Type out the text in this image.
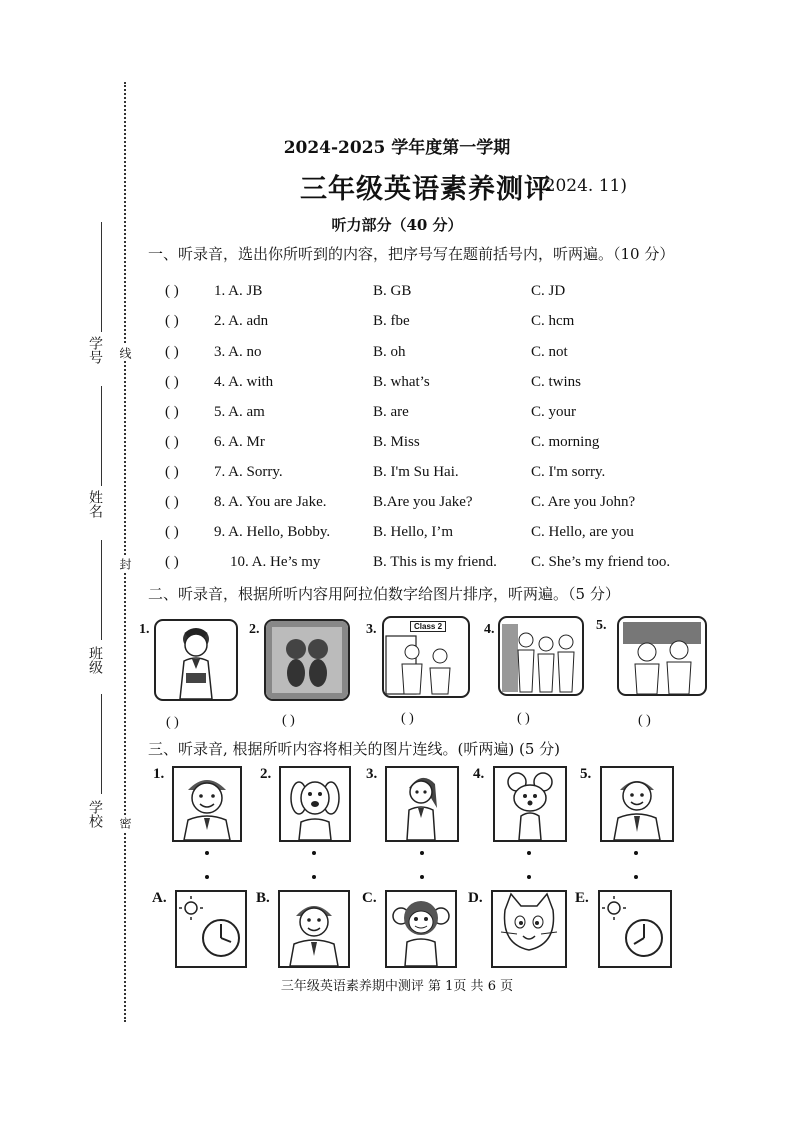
学号
姓名
班级
学校
线
封
密
2024-2025 学年度第一学期
三年级英语素养测评
(2024. 11)
听力部分（40 分）
一、听录音，选出你所听到的内容，把序号写在题前括号内，听两遍。（10 分）
( ) 1. A. JB	B. GB	C. JD
( ) 2. A. adn	B. fbe	C. hcm
( ) 3. A. no	B. oh	C. not
( ) 4. A. with	B. what’s	C. twins
( ) 5. A. am	B. are	C. your
( ) 6. A. Mr	B. Miss	C. morning
( ) 7. A. Sorry.	B. I'm Su Hai.	C. I'm sorry.
( ) 8. A. You are Jake.	B.Are you Jake?	C. Are you John?
( ) 9. A. Hello, Bobby.	B. Hello, I’m	C. Hello, are you
( )	10. A. He’s my	B. This is my friend. C. She’s my friend too.
二、听录音，根据所听内容用阿拉伯数字给图片排序，听两遍。（5 分）
1.	2.	3.	Class 2	4.	5.
( )	( )	( )	( )	( )
三、听录音, 根据所听内容将相关的图片连线。(听两遍) (5 分)
1.	2.	3.	4.	5.
A.	B.	C.	D.	E.
三年级英语素养期中测评 第 1页 共 6 页
